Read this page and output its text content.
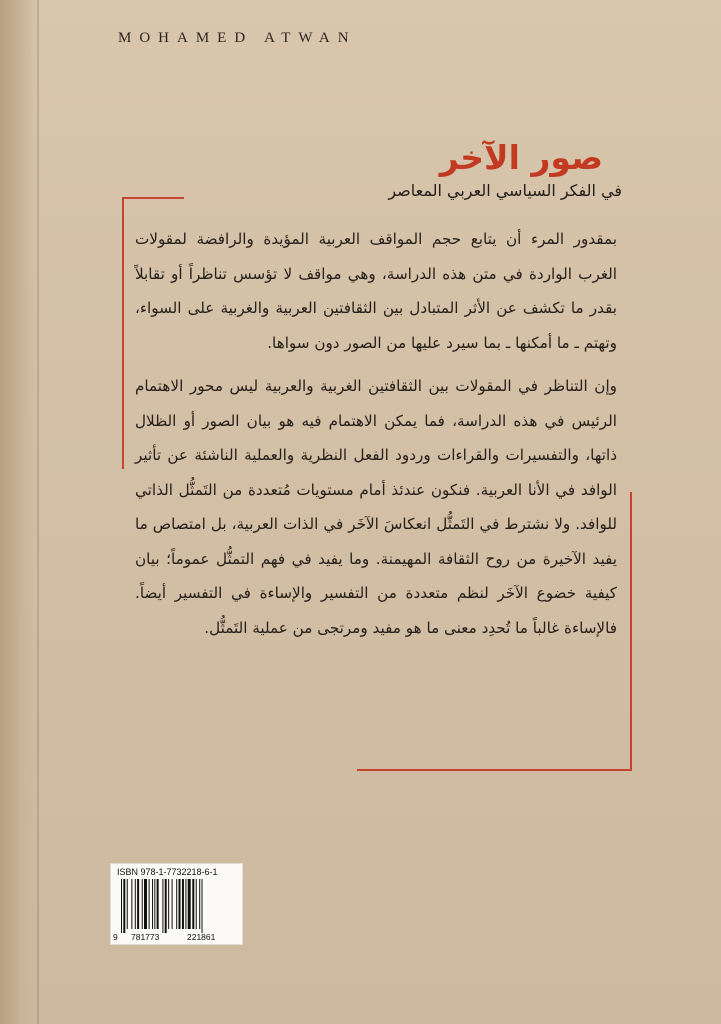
MOHAMED ATWAN
صور الآخر
في الفكر السياسي العربي المعاصر

بمقدور المرء أن يتابع حجم المواقف العربية المؤيدة والرافضة لمقولات الغرب الواردة في متن هذه الدراسة، وهي مواقف لا تؤسس تناظراً أو تقابلاً بقدر ما تكشف عن الأثر المتبادل بين الثقافتين العربية والغربية على السواء، وتهتم ـ ما أمكنها ـ بما سيرد عليها من الصور دون سواها.

وإن التناظر في المقولات بين الثقافتين الغربية والعربية ليس محور الاهتمام الرئيس في هذه الدراسة، فما يمكن الاهتمام فيه هو بيان الصور أو الظلال ذاتها، والتفسيرات والقراءات وردود الفعل النظرية والعملية الناشئة عن تأثير الوافد في الأنا العربية. فنكون عندئذ أمام مستويات مُتعددة من التَمثُّل الذاتي للوافد. ولا نشترط في التَمثُّل انعكاسَ الآخَر في الذات العربية، بل امتصاص ما يفيد الآخيرة من روح الثقافة المهيمنة. وما يفيد في فهم التمثُّل عموماً؛ بيان كيفية خضوع الآخَر لنظم متعددة من التفسير والإساءة في التفسير أيضاً. فالإساءة غالباً ما تُحدِد معنى ما هو مفيد ومرتجى من عملية التَمثُّل.

ISBN 978-1-7732218-6-1
9 781773	221861
